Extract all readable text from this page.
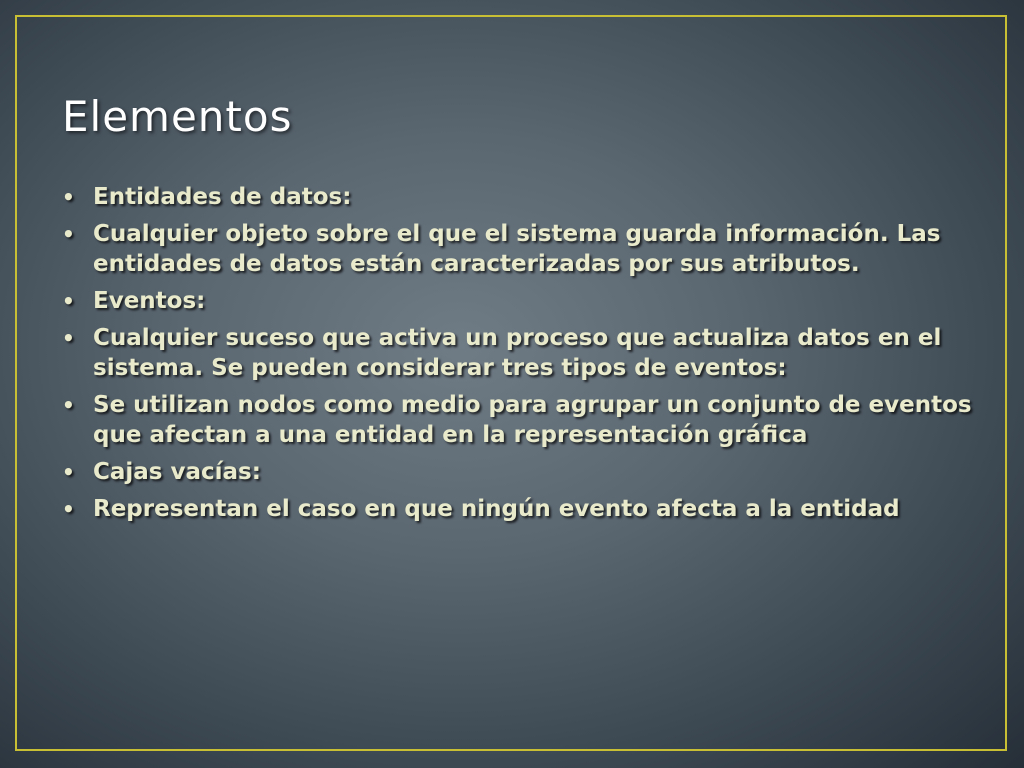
Elementos
• Entidades de datos:
• Cualquier objeto sobre el que el sistema guarda información. Las entidades de datos están caracterizadas por sus atributos.
• Eventos:
• Cualquier suceso que activa un proceso que actualiza datos en el sistema. Se pueden considerar tres tipos de eventos:
• Se utilizan nodos como medio para agrupar un conjunto de eventos que afectan a una entidad en la representación gráfica
• Cajas vacías:
• Representan el caso en que ningún evento afecta a la entidad
